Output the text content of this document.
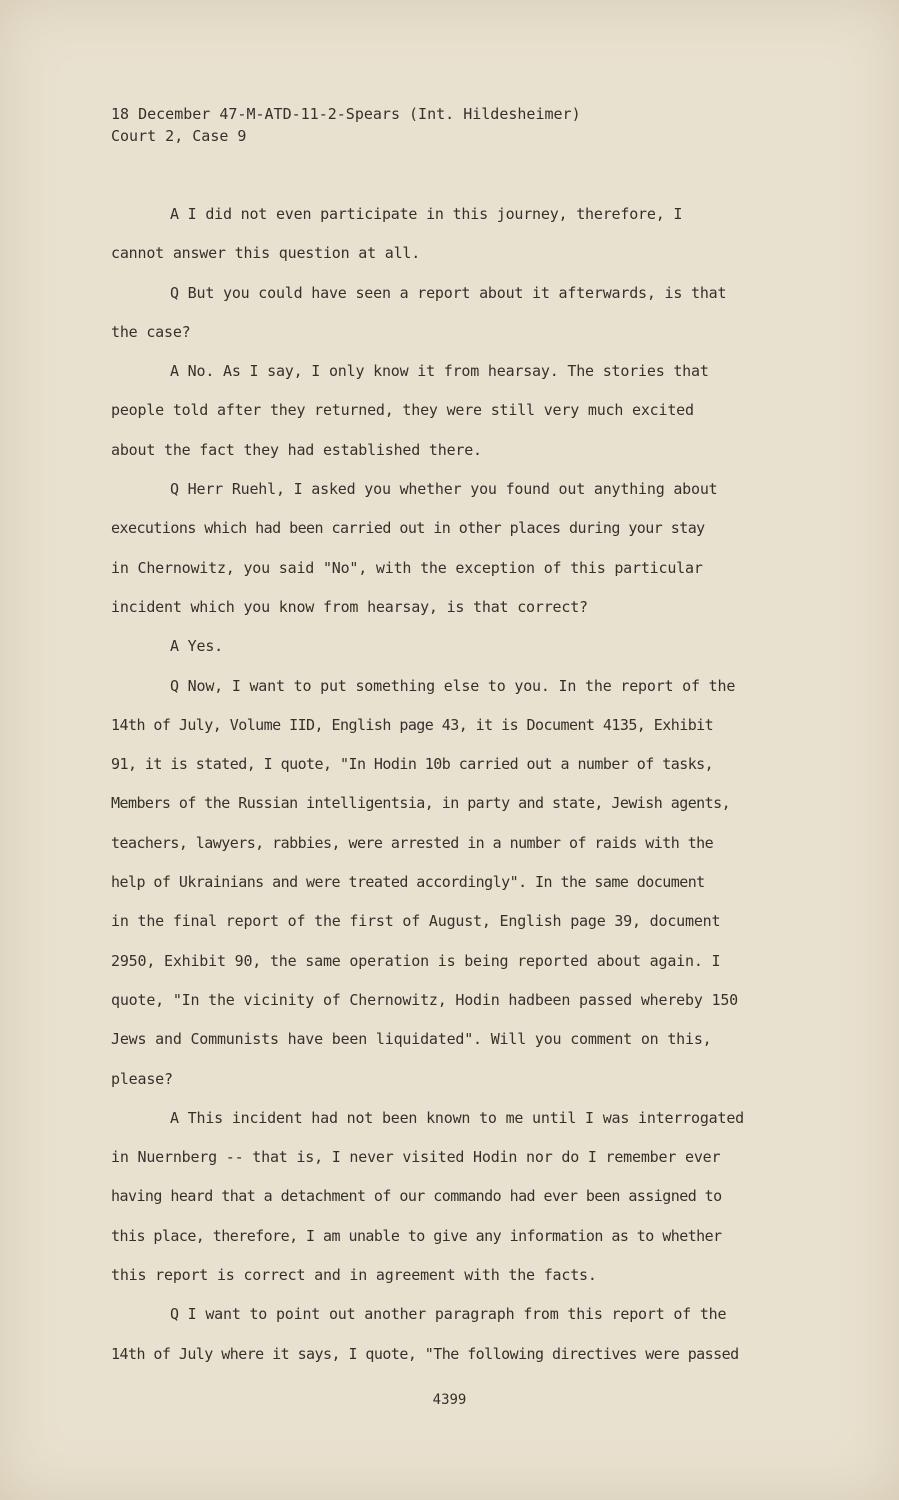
18 December 47-M-ATD-11-2-Spears (Int. Hildesheimer)
Court 2, Case 9
A I did not even participate in this journey, therefore, I
cannot answer this question at all.
Q But you could have seen a report about it afterwards, is that
the case?
A No. As I say, I only know it from hearsay. The stories that
people told after they returned, they were still very much excited
about the fact they had established there.
Q Herr Ruehl, I asked you whether you found out anything about
executions which had been carried out in other places during your stay
in Chernowitz, you said "No", with the exception of this particular
incident which you know from hearsay, is that correct?
A Yes.
Q Now, I want to put something else to you. In the report of the
14th of July, Volume IID, English page 43, it is Document 4135, Exhibit
91, it is stated, I quote, "In Hodin 10b carried out a number of tasks,
Members of the Russian intelligentsia, in party and state, Jewish agents,
teachers, lawyers, rabbies, were arrested in a number of raids with the
help of Ukrainians and were treated accordingly". In the same document
in the final report of the first of August, English page 39, document
2950, Exhibit 90, the same operation is being reported about again. I
quote, "In the vicinity of Chernowitz, Hodin hadbeen passed whereby 150
Jews and Communists have been liquidated". Will you comment on this,
please?
A This incident had not been known to me until I was interrogated
in Nuernberg -- that is, I never visited Hodin nor do I remember ever
having heard that a detachment of our commando had ever been assigned to
this place, therefore, I am unable to give any information as to whether
this report is correct and in agreement with the facts.
Q I want to point out another paragraph from this report of the
14th of July where it says, I quote, "The following directives were passed
4399
